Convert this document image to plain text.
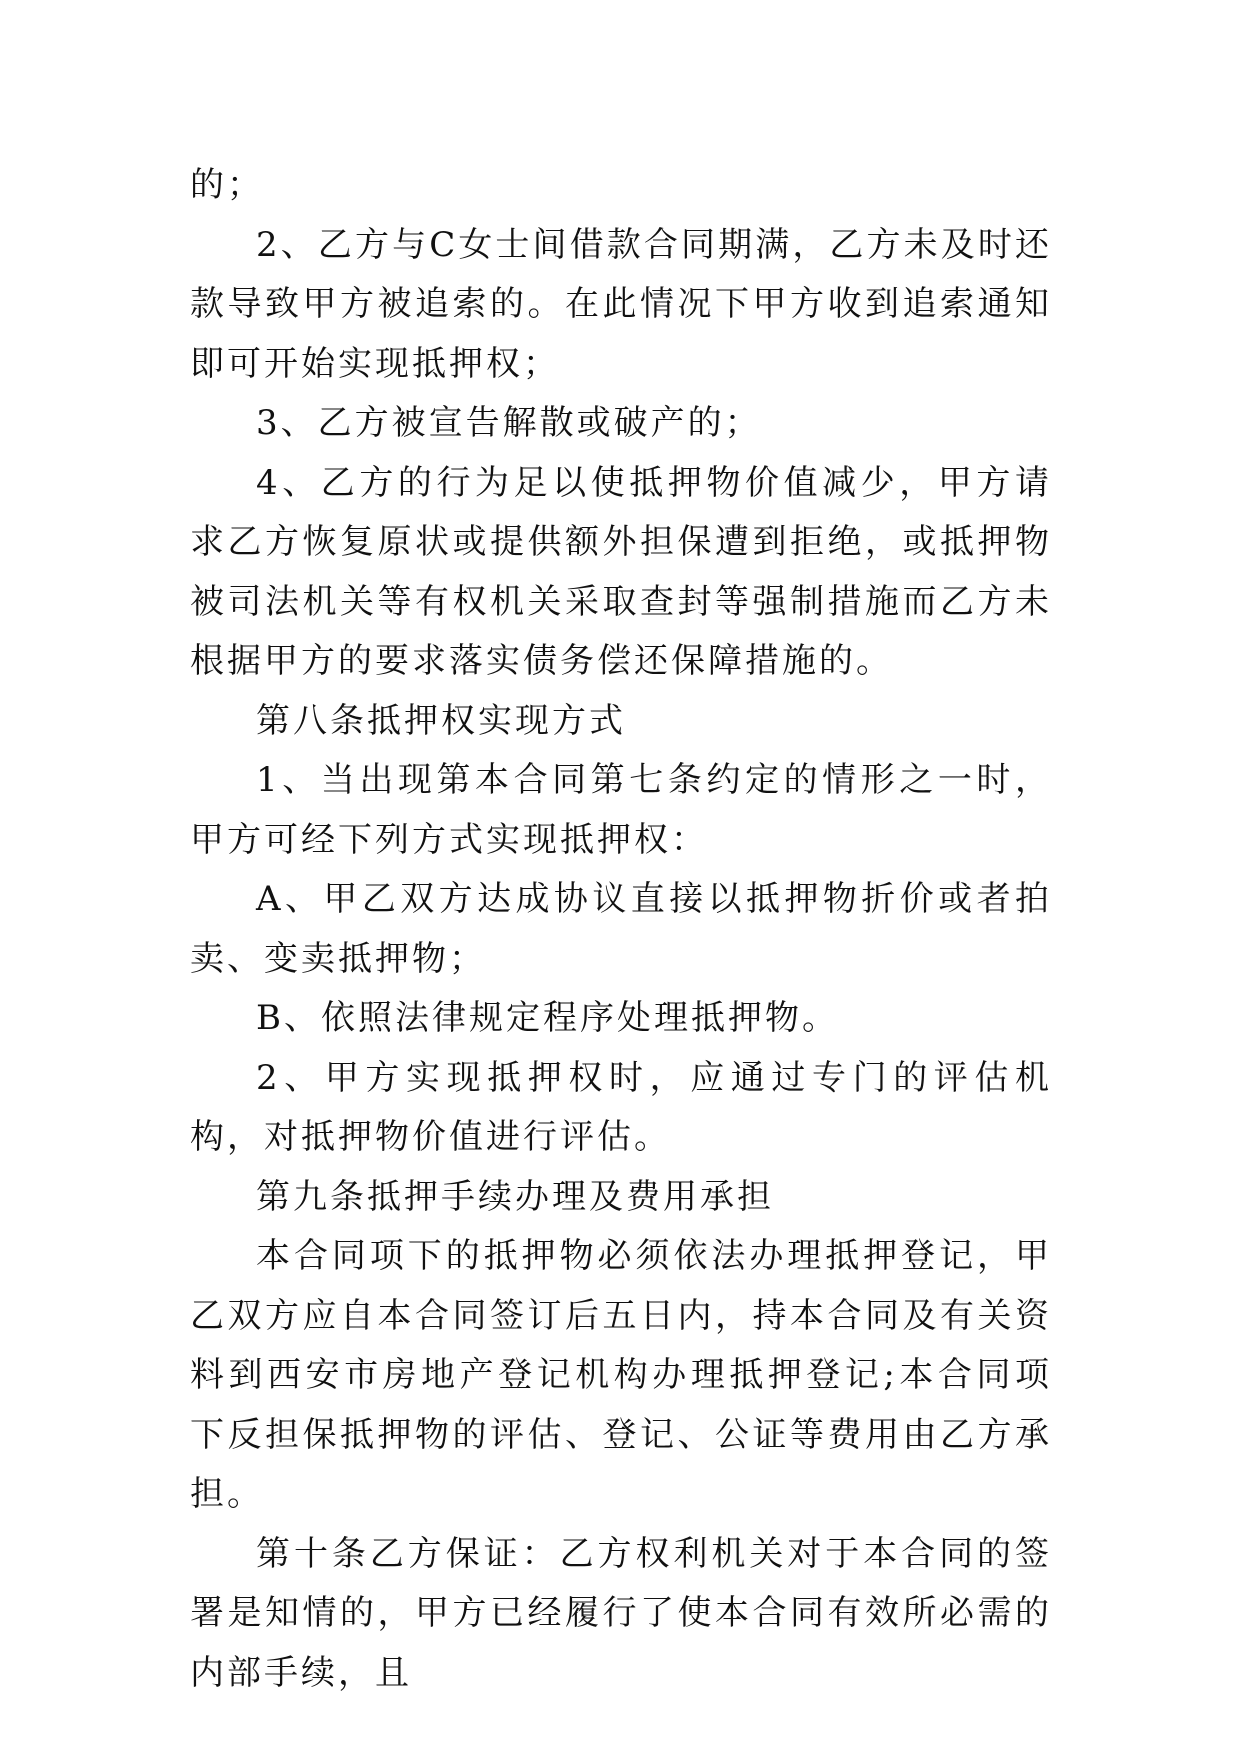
的；

2、乙方与C女士间借款合同期满，乙方未及时还款导致甲方被追索的。在此情况下甲方收到追索通知即可开始实现抵押权；

3、乙方被宣告解散或破产的；

4、乙方的行为足以使抵押物价值减少，甲方请求乙方恢复原状或提供额外担保遭到拒绝，或抵押物被司法机关等有权机关采取查封等强制措施而乙方未根据甲方的要求落实债务偿还保障措施的。

第八条抵押权实现方式

1、当出现第本合同第七条约定的情形之一时，甲方可经下列方式实现抵押权：

A、甲乙双方达成协议直接以抵押物折价或者拍卖、变卖抵押物；

B、依照法律规定程序处理抵押物。

2、甲方实现抵押权时，应通过专门的评估机构，对抵押物价值进行评估。

第九条抵押手续办理及费用承担

本合同项下的抵押物必须依法办理抵押登记，甲乙双方应自本合同签订后五日内，持本合同及有关资料到西安市房地产登记机构办理抵押登记;本合同项下反担保抵押物的评估、登记、公证等费用由乙方承担。

第十条乙方保证：乙方权利机关对于本合同的签署是知情的，甲方已经履行了使本合同有效所必需的内部手续，且
